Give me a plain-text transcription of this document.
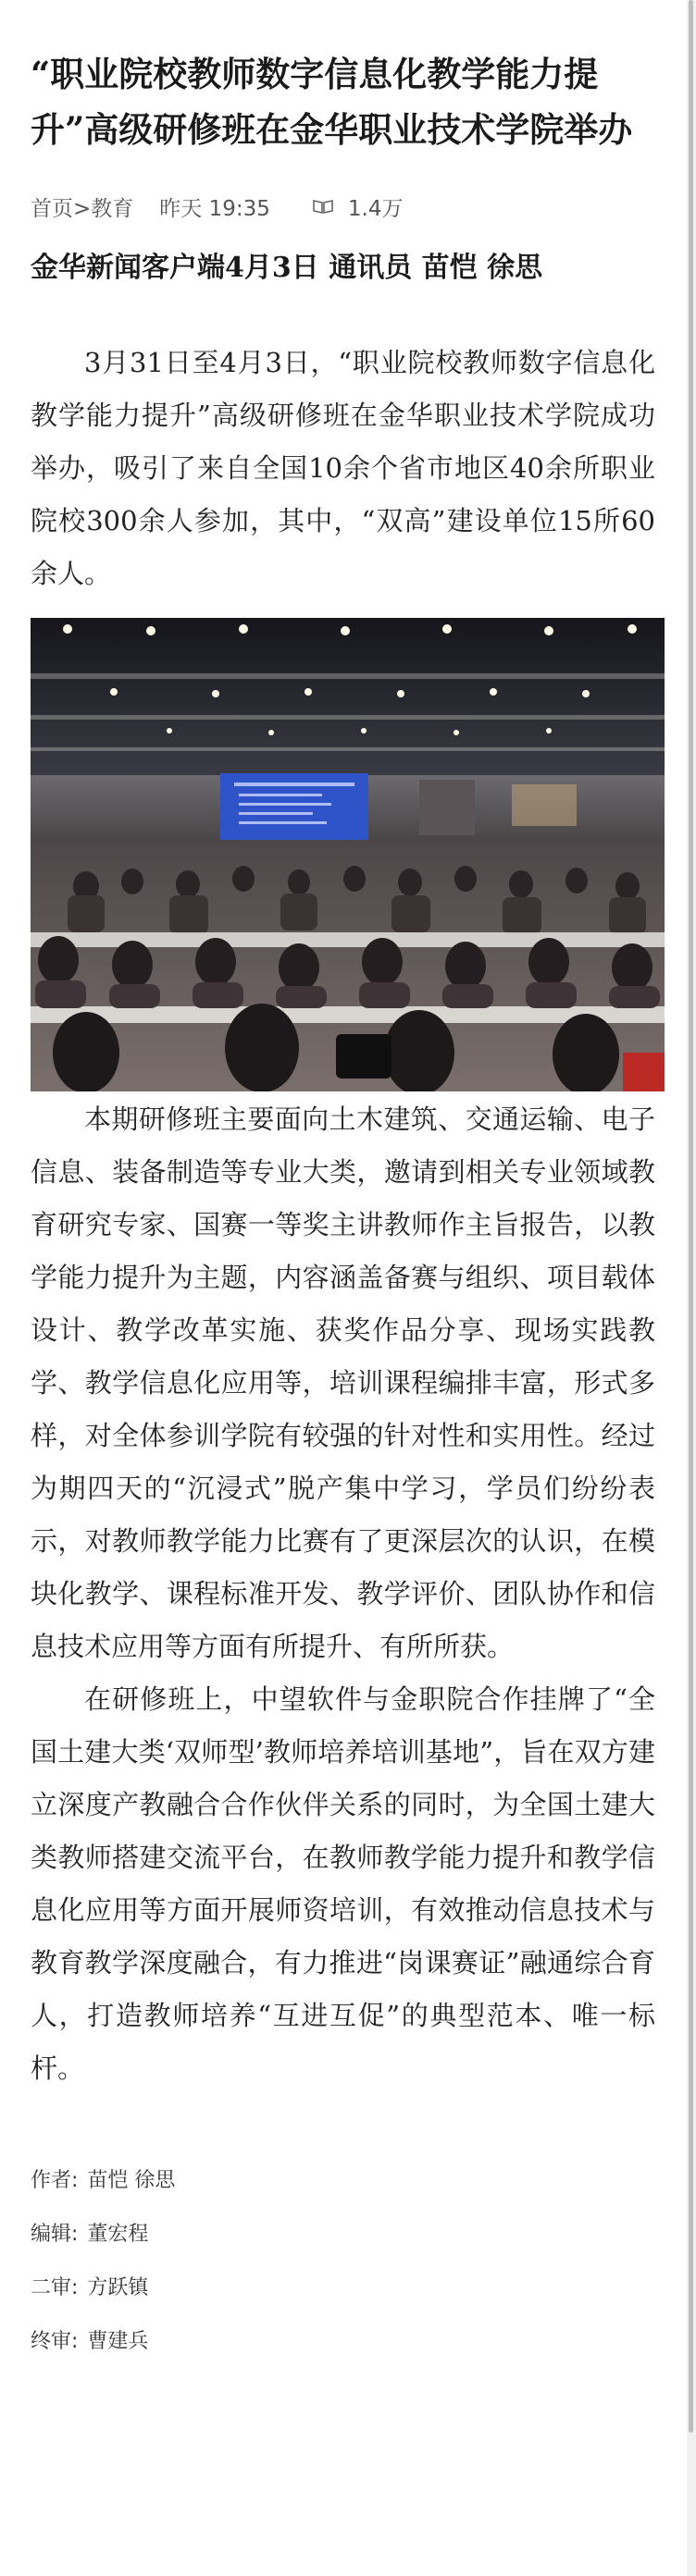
“职业院校教师数字信息化教学能力提升”高级研修班在金华职业技术学院举办
首页>教育 昨天 19:35	1.4万
金华新闻客户端4月3日 通讯员 苗恺 徐思

3月31日至4月3日，“职业院校教师数字信息化教学能力提升”高级研修班在金华职业技术学院成功举办，吸引了来自全国10余个省市地区40余所职业院校300余人参加，其中，“双高”建设单位15所60余人。

本期研修班主要面向土木建筑、交通运输、电子信息、装备制造等专业大类，邀请到相关专业领域教育研究专家、国赛一等奖主讲教师作主旨报告，以教学能力提升为主题，内容涵盖备赛与组织、项目载体设计、教学改革实施、获奖作品分享、现场实践教学、教学信息化应用等，培训课程编排丰富，形式多样，对全体参训学院有较强的针对性和实用性。经过为期四天的“沉浸式”脱产集中学习，学员们纷纷表示，对教师教学能力比赛有了更深层次的认识，在模块化教学、课程标准开发、教学评价、团队协作和信息技术应用等方面有所提升、有所所获。

在研修班上，中望软件与金职院合作挂牌了“全国土建大类‘双师型’教师培养培训基地”，旨在双方建立深度产教融合合作伙伴关系的同时，为全国土建大类教师搭建交流平台，在教师教学能力提升和教学信息化应用等方面开展师资培训，有效推动信息技术与教育教学深度融合，有力推进“岗课赛证”融通综合育人，打造教师培养“互进互促”的典型范本、唯一标杆。

作者: 苗恺 徐思
编辑: 董宏程
二审: 方跃镇
终审: 曹建兵
